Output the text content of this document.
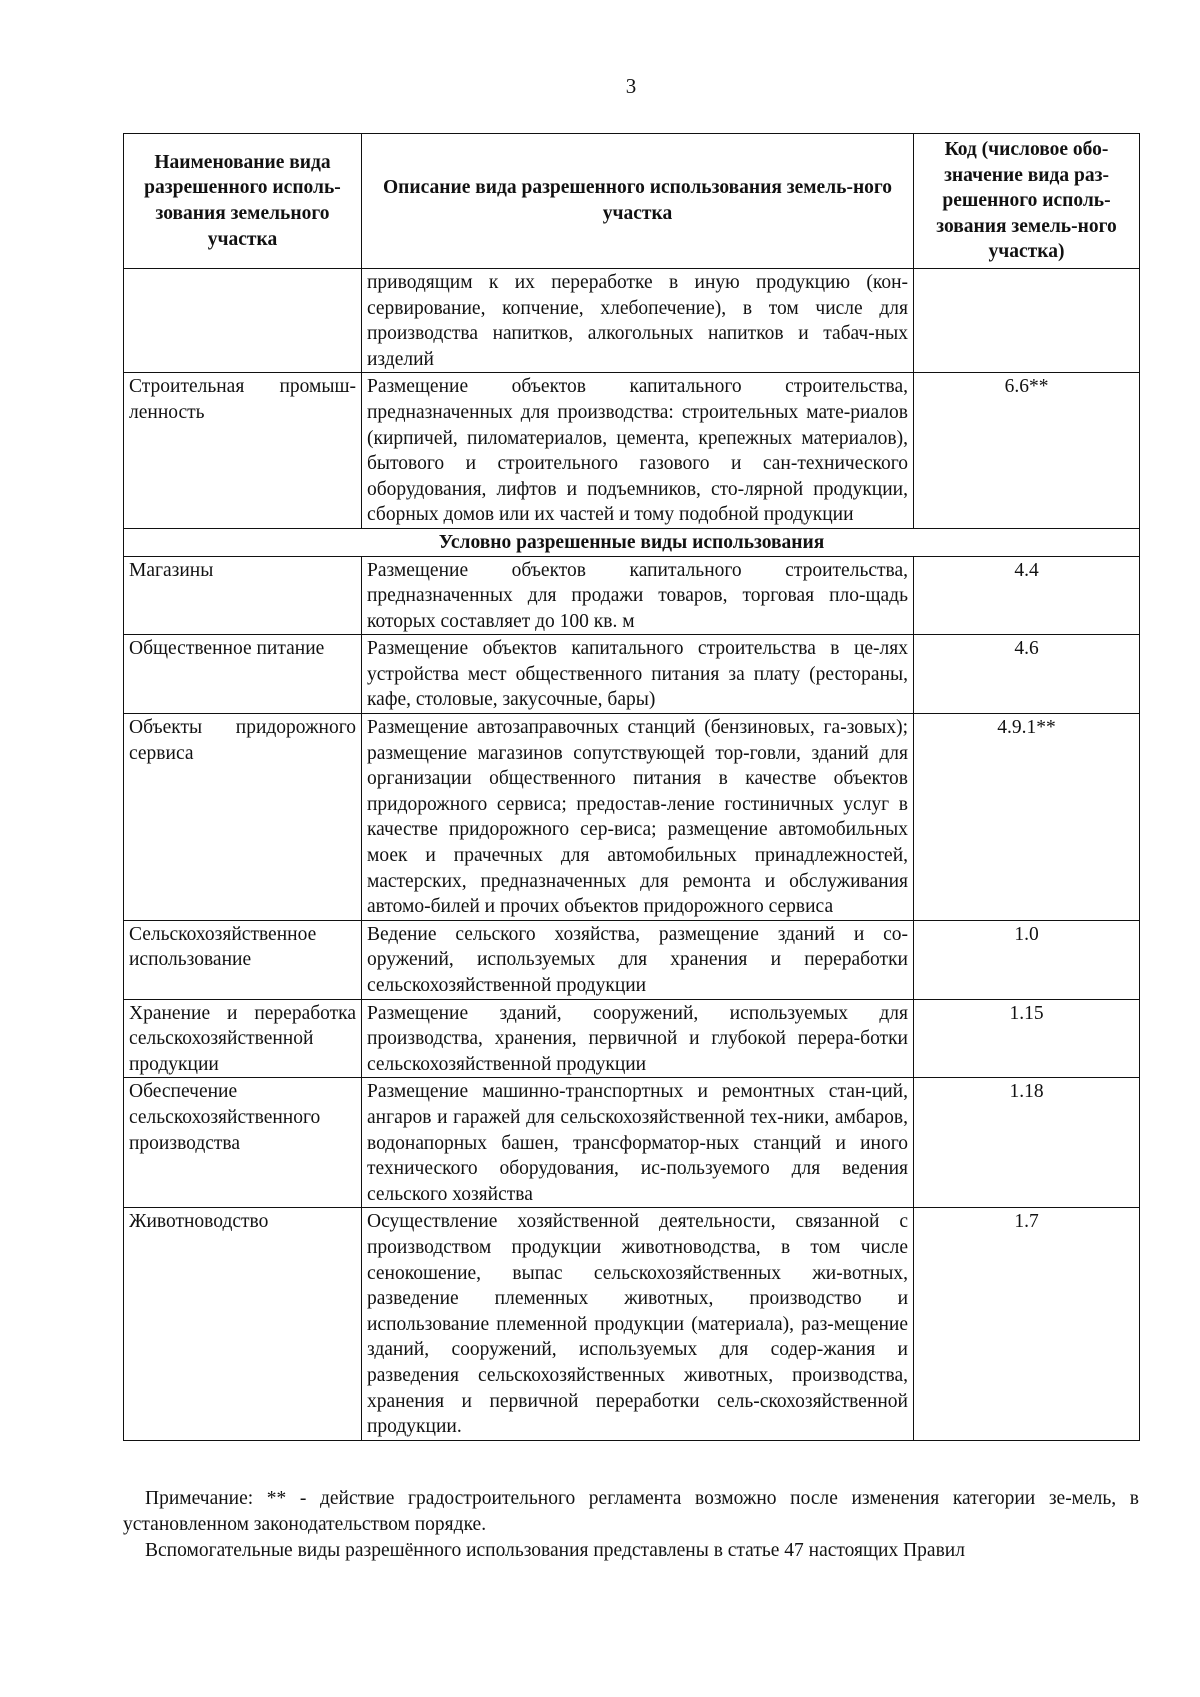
3
Наименование вида разрешенного исполь-зования земельного участка	Описание вида разрешенного использования земель-ного участка	Код (числовое обо-значение вида раз-решенного исполь-зования земель-ного участка)
	приводящим к их переработке в иную продукцию (кон-сервирование, копчение, хлебопечение), в том числе для производства напитков, алкогольных напитков и табач-ных изделий	
Строительная промыш-ленность	Размещение объектов капитального строительства, предназначенных для производства: строительных мате-риалов (кирпичей, пиломатериалов, цемента, крепежных материалов), бытового и строительного газового и сан-технического оборудования, лифтов и подъемников, сто-лярной продукции, сборных домов или их частей и тому подобной продукции	6.6**
Условно разрешенные виды использования		
Магазины	Размещение объектов капитального строительства, предназначенных для продажи товаров, торговая пло-щадь которых составляет до 100 кв. м	4.4
Общественное питание	Размещение объектов капитального строительства в це-лях устройства мест общественного питания за плату (рестораны, кафе, столовые, закусочные, бары)	4.6
Объекты придорожного сервиса	Размещение автозаправочных станций (бензиновых, га-зовых); размещение магазинов сопутствующей тор-говли, зданий для организации общественного питания в качестве объектов придорожного сервиса; предостав-ление гостиничных услуг в качестве придорожного сер-виса; размещение автомобильных моек и прачечных для автомобильных принадлежностей, мастерских, предназначенных для ремонта и обслуживания автомо-билей и прочих объектов придорожного сервиса	4.9.1**
Сельскохозяйственное использование	Ведение сельского хозяйства, размещение зданий и со-оружений, используемых для хранения и переработки сельскохозяйственной продукции	1.0
Хранение и переработка сельскохозяйственной продукции	Размещение зданий, сооружений, используемых для производства, хранения, первичной и глубокой перера-ботки сельскохозяйственной продукции	1.15
Обеспечение сельскохозяйственного производства	Размещение машинно-транспортных и ремонтных стан-ций, ангаров и гаражей для сельскохозяйственной тех-ники, амбаров, водонапорных башен, трансформатор-ных станций и иного технического оборудования, ис-пользуемого для ведения сельского хозяйства	1.18
Животноводство	Осуществление хозяйственной деятельности, связанной с производством продукции животноводства, в том числе сенокошение, выпас сельскохозяйственных жи-вотных, разведение племенных животных, производство и использование племенной продукции (материала), раз-мещение зданий, сооружений, используемых для содер-жания и разведения сельскохозяйственных животных, производства, хранения и первичной переработки сель-скохозяйственной продукции.	1.7

Примечание: ** - действие градостроительного регламента возможно после изменения категории зе-мель, в установленном законодательством порядке.

Вспомогательные виды разрешённого использования представлены в статье 47 настоящих Правил
